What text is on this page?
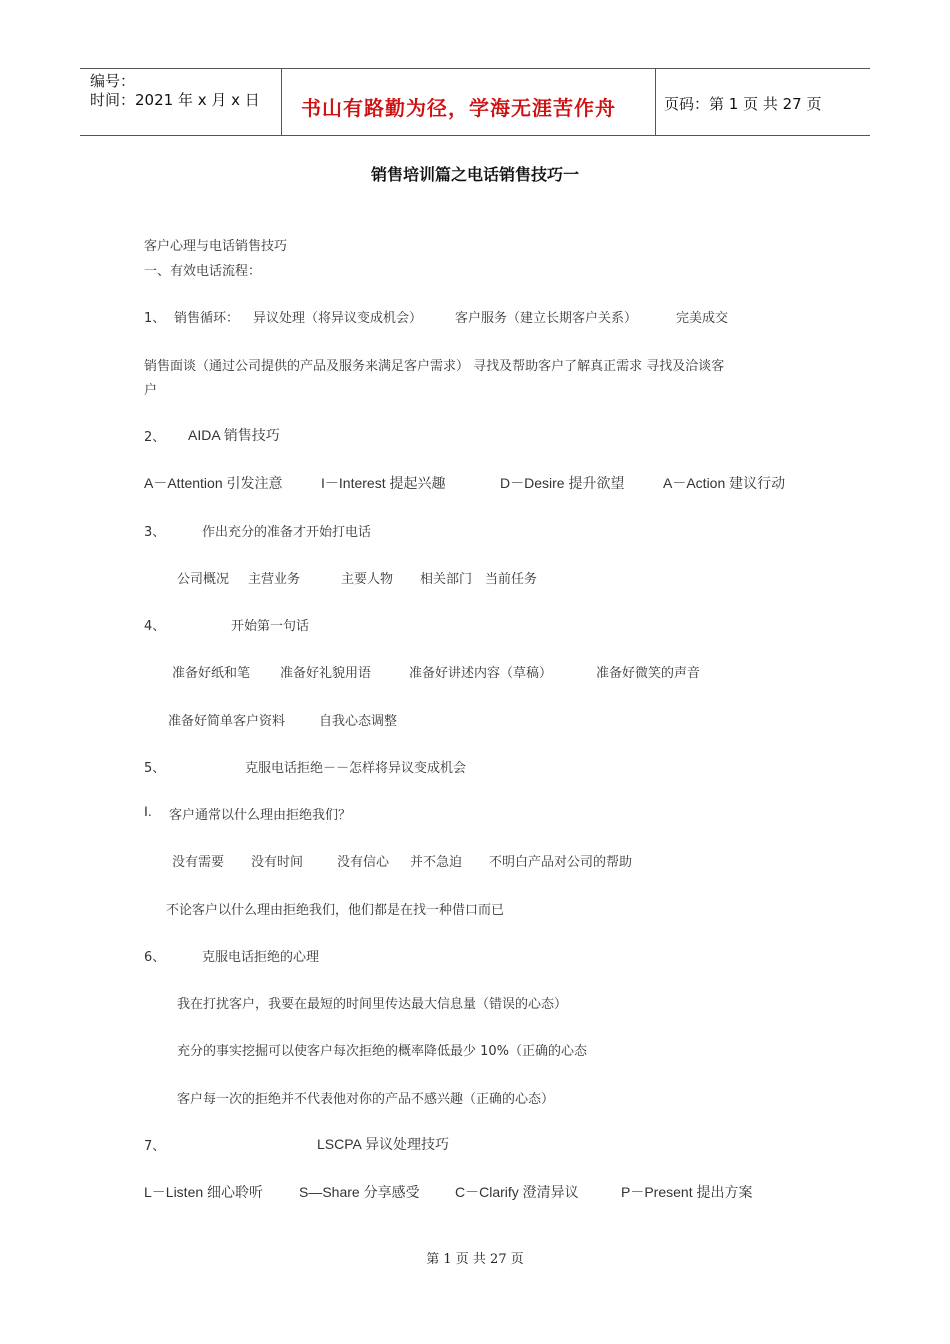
编号：
时间：2021 年 x 月 x 日 书山有路勤为径，学海无涯苦作舟	页码：第 1 页 共 27 页
销售培训篇之电话销售技巧一
客户心理与电话销售技巧
一、有效电话流程：
1、 销售循环： 异议处理（将异议变成机会）	客户服务（建立长期客户关系）	完美成交
销售面谈（通过公司提供的产品及服务来满足客户需求） 寻找及帮助客户了解真正需求 寻找及洽谈客
户
2、 AIDA 销售技巧
A－Attention 引发注意	I－Interest 提起兴趣	D－Desire 提升欲望	A－Action 建议行动
3、	作出充分的准备才开始打电话
公司概况 主营业务	主要人物 相关部门 当前任务
4、	开始第一句话
准备好纸和笔 准备好礼貌用语	准备好讲述内容（草稿）	准备好微笑的声音
准备好简单客户资料	自我心态调整
5、	克服电话拒绝－－怎样将异议变成机会
I. 客户通常以什么理由拒绝我们？
没有需要 没有时间	没有信心 并不急迫 不明白产品对公司的帮助
不论客户以什么理由拒绝我们，他们都是在找一种借口而已
6、	克服电话拒绝的心理
我在打扰客户，我要在最短的时间里传达最大信息量（错误的心态）
充分的事实挖掘可以使客户每次拒绝的概率降低最少 10%（正确的心态
客户每一次的拒绝并不代表他对你的产品不感兴趣（正确的心态）
7、	LSCPA 异议处理技巧
L－Listen 细心聆听	S—Share 分享感受	C－Clarify 澄清异议	P－Present 提出方案
第 1 页 共 27 页
